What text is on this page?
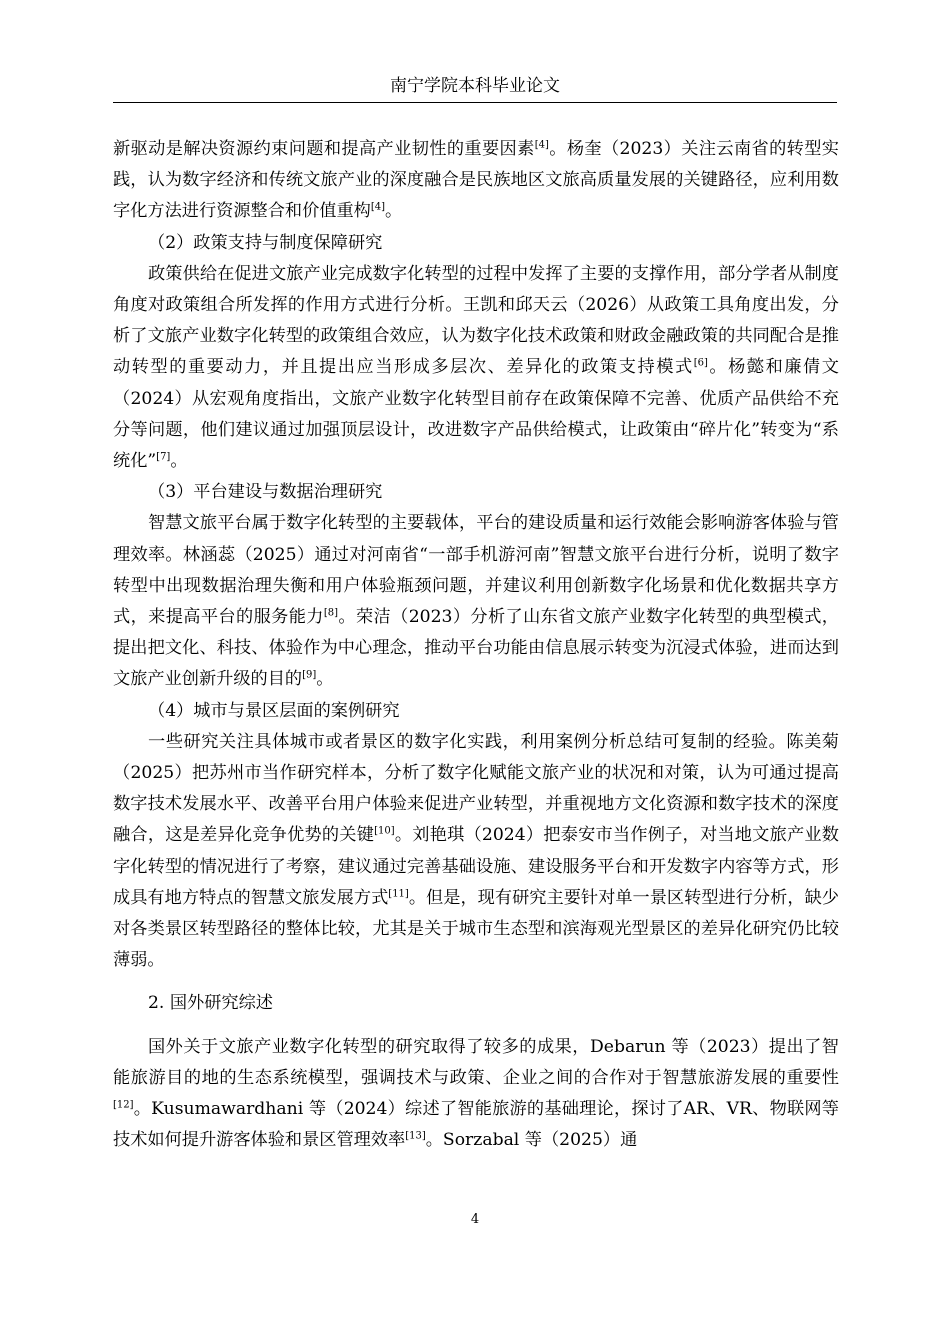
南宁学院本科毕业论文

新驱动是解决资源约束问题和提高产业韧性的重要因素[4]。杨奎（2023）关注云南省的转型实践，认为数字经济和传统文旅产业的深度融合是民族地区文旅高质量发展的关键路径，应利用数字化方法进行资源整合和价值重构[4]。

（2）政策支持与制度保障研究

政策供给在促进文旅产业完成数字化转型的过程中发挥了主要的支撑作用，部分学者从制度角度对政策组合所发挥的作用方式进行分析。王凯和邱天云（2026）从政策工具角度出发，分析了文旅产业数字化转型的政策组合效应，认为数字化技术政策和财政金融政策的共同配合是推动转型的重要动力，并且提出应当形成多层次、差异化的政策支持模式[6]。杨懿和廉倩文（2024）从宏观角度指出，文旅产业数字化转型目前存在政策保障不完善、优质产品供给不充分等问题，他们建议通过加强顶层设计，改进数字产品供给模式，让政策由“碎片化”转变为“系统化”[7]。

（3）平台建设与数据治理研究

智慧文旅平台属于数字化转型的主要载体，平台的建设质量和运行效能会影响游客体验与管理效率。林涵蕊（2025）通过对河南省“一部手机游河南”智慧文旅平台进行分析，说明了数字转型中出现数据治理失衡和用户体验瓶颈问题，并建议利用创新数字化场景和优化数据共享方式，来提高平台的服务能力[8]。荣洁（2023）分析了山东省文旅产业数字化转型的典型模式，提出把文化、科技、体验作为中心理念，推动平台功能由信息展示转变为沉浸式体验，进而达到文旅产业创新升级的目的[9]。

（4）城市与景区层面的案例研究

一些研究关注具体城市或者景区的数字化实践，利用案例分析总结可复制的经验。陈美菊（2025）把苏州市当作研究样本，分析了数字化赋能文旅产业的状况和对策，认为可通过提高数字技术发展水平、改善平台用户体验来促进产业转型，并重视地方文化资源和数字技术的深度融合，这是差异化竞争优势的关键[10]。刘艳琪（2024）把泰安市当作例子，对当地文旅产业数字化转型的情况进行了考察，建议通过完善基础设施、建设服务平台和开发数字内容等方式，形成具有地方特点的智慧文旅发展方式[11]。但是，现有研究主要针对单一景区转型进行分析，缺少对各类景区转型路径的整体比较，尤其是关于城市生态型和滨海观光型景区的差异化研究仍比较薄弱。

2. 国外研究综述

国外关于文旅产业数字化转型的研究取得了较多的成果，Debarun 等（2023）提出了智能旅游目的地的生态系统模型，强调技术与政策、企业之间的合作对于智慧旅游发展的重要性[12]。Kusumawardhani 等（2024）综述了智能旅游的基础理论，探讨了AR、VR、物联网等技术如何提升游客体验和景区管理效率[13]。Sorzabal 等（2025）通

4
